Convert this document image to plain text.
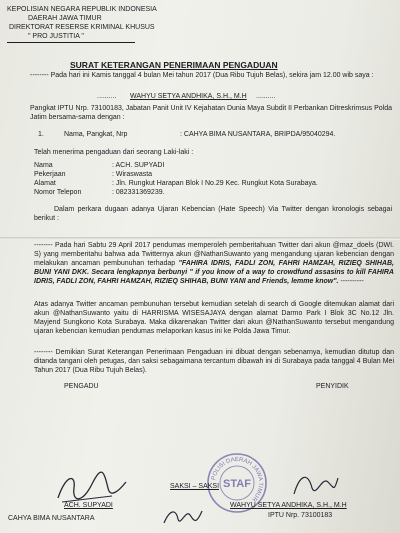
KEPOLISIAN NEGARA REPUBLIK INDONESIA
DAERAH JAWA TIMUR
DIREKTORAT RESERSE KRIMINAL KHUSUS
" PRO JUSTITIA "
SURAT KETERANGAN PENERIMAAN PENGADUAN
-------- Pada hari ini Kamis tanggal 4 bulan Mei tahun 2017 (Dua Ribu Tujuh Belas), sekira jam 12.00 wib saya :
.......... WAHYU SETYA ANDHIKA, S.H., M.H ..........
Pangkat IPTU Nrp. 73100183, Jabatan Panit Unit IV Kejahatan Dunia Maya Subdit II Perbankan Ditreskrimsus Polda Jatim bersama-sama dengan :
1.	Nama, Pangkat, Nrp	: CAHYA BIMA NUSANTARA, BRIPDA/95040294.
Telah menerima pengaduan dari seorang Laki-laki :
Nama	: ACH. SUPYADI
Pekerjaan	: Wiraswasta
Alamat	: Jln. Rungkut Harapan Blok I No.29 Kec. Rungkut Kota Surabaya.
Nomor Telepon	: 082331369239.
Dalam perkara dugaan adanya Ujaran Kebencian (Hate Speech) Via Twitter dengan kronologis sebagai berikut :
-------- Pada hari Sabtu 29 April 2017 pendumas memperoleh pemberitahuan Twitter dari akun @maz_doels (DWI. S) yang memberitahu bahwa ada Twitternya akun @NathanSuwanto yang mengandung ujaran kebencian dengan melakukan ancaman pembunuhan terhadap "FAHIRA IDRIS, FADLI ZON, FAHRI HAMZAH, RIZIEQ SHIHAB, BUNI YANI DKK. Secara lengkapnya berbunyi " if you know of a way to crowdfund assasins to kill FAHIRA IDRIS, FADLI ZON, FAHRI HAMZAH, RIZIEQ SHIHAB, BUNI YANI and Friends, lemme know". ----------
Atas adanya Twitter ancaman pembunuhan tersebut kemudian setelah di search di Google ditemukan alamat dari akun @NathanSuwanto yaitu di HARRISMA WISESAJAYA dengan alamat Darmo Park I Blok 3C No.12 Jln. Mayjend Sungkono Kota Surabaya. Maka dikarenakan Twitter dari akun @NathanSuwanto tersebut mengandung ujaran kebencian kemudian pendumas melaporkan kasus ini ke Polda Jawa Timur.
-------- Demikian Surat Keterangan Penerimaan Pengaduan ini dibuat dengan sebenarnya, kemudian ditutup dan ditanda tangani oleh petugas, dan saksi sebagaimana tercantum dibawah ini di Surabaya pada tanggal 4 Bulan Mei Tahun 2017 (Dua Ribu Tujuh Belas).
PENGADU	PENYIDIK
POLISI DAERAH JAWA TIMUR
STAF
ACH. SUPYADI	WAHYU SETYA ANDHIKA, S.H., M.H
IPTU Nrp. 73100183
SAKSI – SAKSI
CAHYA BIMA NUSANTARA
